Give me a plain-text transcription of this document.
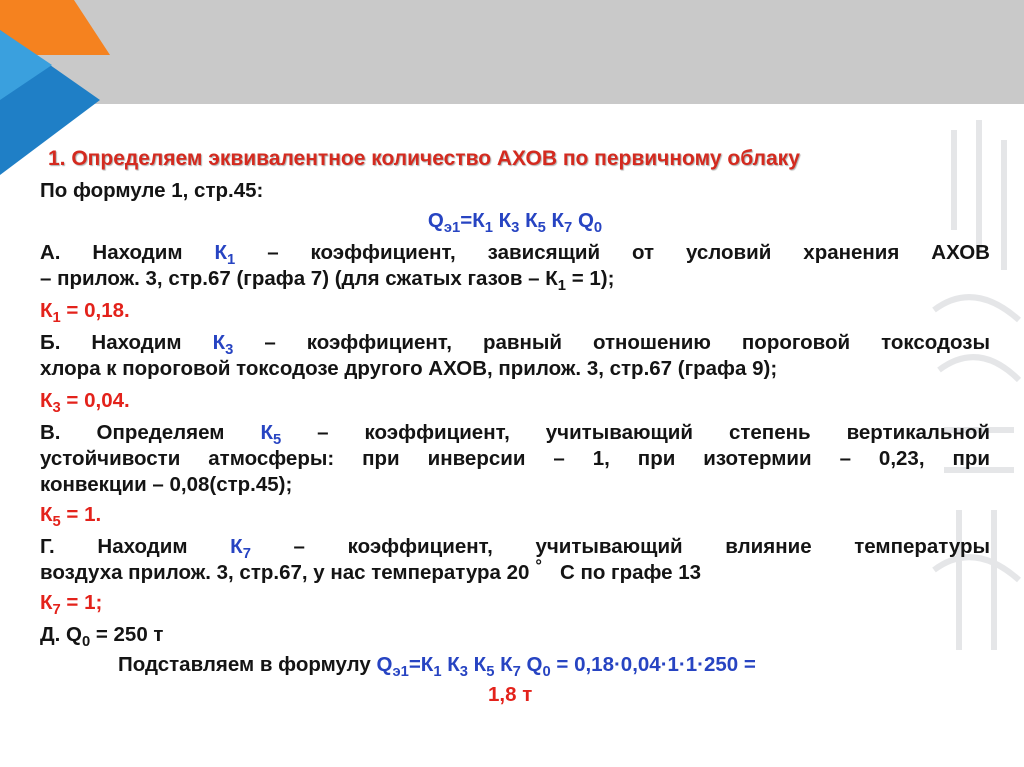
1. Определяем эквивалентное количество АХОВ по первичному облаку
По формуле 1, стр.45:
$Q_{э1}=К_1$ $К_3$ $К_5$ $К_7$ $Q_0$
А. Находим $К_1$ – коэффициент, зависящий от условий хранения АХОВ
– прилож. 3, стр.67 (графа 7) (для сжатых газов – $К_1 = 1$);
$К_1 = 0,18$.
Б. Находим $К_3$ – коэффициент, равный отношению пороговой токсодозы
хлора к пороговой токсодозе другого АХОВ, прилож. 3, стр.67 (графа 9);
$К_3 = 0,04$.
В. Определяем $К_5$ – коэффициент, учитывающий степень вертикальной
устойчивости атмосферы: при инверсии – 1, при изотермии – 0,23, при
конвекции – 0,08(стр.45);
$К_5 = 1$.
Г. Находим $К_7$ – коэффициент, учитывающий влияние температуры
воздуха прилож. 3, стр.67, у нас температура 20 ° С по графе 13
$К_7 = 1$;
Д. $Q_0 = 250$ т
Подставляем в формулу $Q_{э1}=К_1$ $К_3$ $К_5$ $К_7$ $Q_0 = 0,18\cdot 0,04\cdot 1\cdot 1\cdot 250$ =
1,8 т
